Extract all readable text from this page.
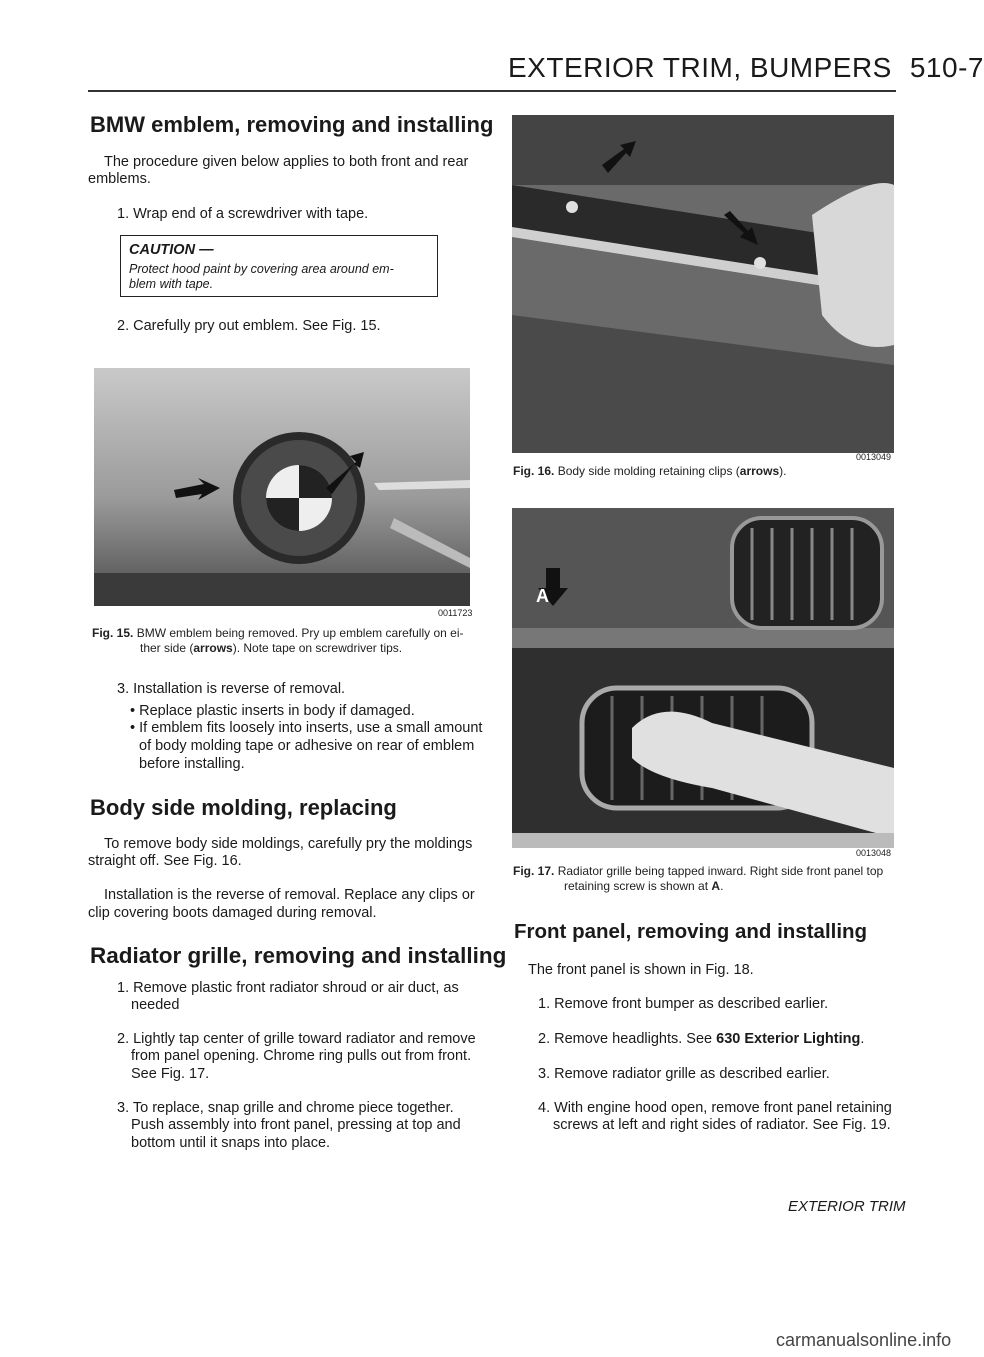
EXTERIOR TRIM, BUMPERS 510-7
BMW emblem, removing and installing

The procedure given below applies to both front and rear

emblems.

1. Wrap end of a screwdriver with tape.

CAUTION —
Protect hood paint by covering area around em-
blem with tape.

2. Carefully pry out emblem. See Fig. 15.

0011723
Fig. 15. BMW emblem being removed. Pry up emblem carefully on ei-
ther side (arrows). Note tape on screwdriver tips.

3. Installation is reverse of removal.

• Replace plastic inserts in body if damaged.

• If emblem fits loosely into inserts, use a small amount

of body molding tape or adhesive on rear of emblem

before installing.

Body side molding, replacing

To remove body side moldings, carefully pry the moldings

straight off. See Fig. 16.

Installation is the reverse of removal. Replace any clips or

clip covering boots damaged during removal.

Radiator grille, removing and installing

1. Remove plastic front radiator shroud or air duct, as

needed

2. Lightly tap center of grille toward radiator and remove

from panel opening. Chrome ring pulls out from front.

See Fig. 17.

3. To replace, snap grille and chrome piece together.

Push assembly into front panel, pressing at top and

bottom until it snaps into place.

0013049
Fig. 16. Body side molding retaining clips (arrows).
A
0013048
Fig. 17. Radiator grille being tapped inward. Right side front panel top
retaining screw is shown at A.
Front panel, removing and installing

The front panel is shown in Fig. 18.

1. Remove front bumper as described earlier.

2. Remove headlights. See 630 Exterior Lighting.

3. Remove radiator grille as described earlier.

4. With engine hood open, remove front panel retaining

screws at left and right sides of radiator. See Fig. 19.

EXTERIOR TRIM
carmanualsonline.info
